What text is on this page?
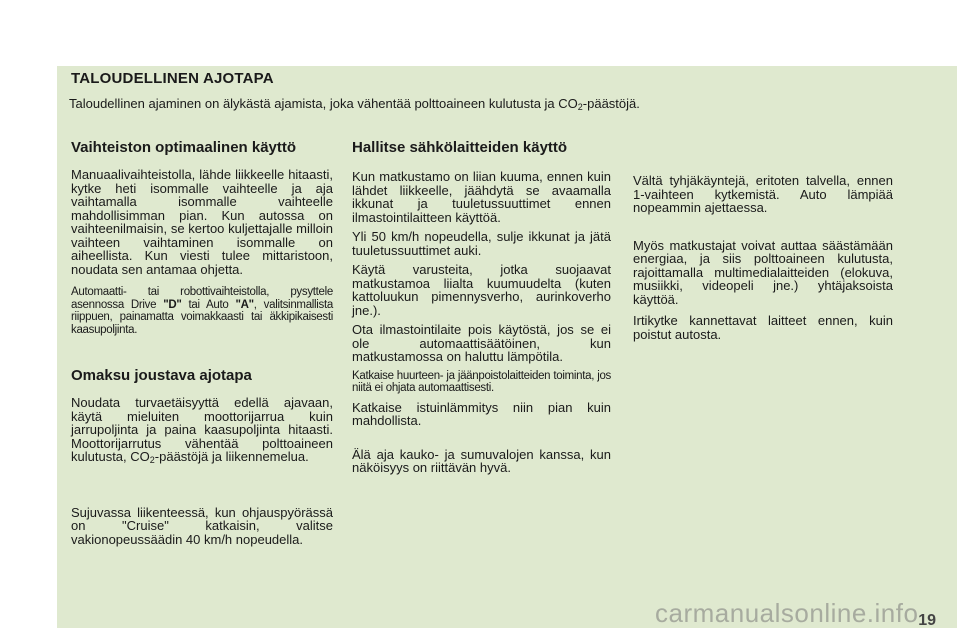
TALOUDELLINEN AJOTAPA
Taloudellinen ajaminen on älykästä ajamista, joka vähentää polttoaineen kulutusta ja CO2-päästöjä.
Vaihteiston optimaalinen käyttö

Manuaalivaihteistolla, lähde liikkeelle hitaasti, kytke heti isommalle vaihteelle ja aja vaihtamalla isommalle vaihteelle mahdollisimman pian. Kun autossa on vaihteenilmaisin, se kertoo kuljettajalle milloin vaihteen vaihtaminen isommalle on aiheellista. Kun viesti tulee mittaristoon, noudata sen antamaa ohjetta.

Automaatti- tai robottivaihteistolla, pysyttele asennossa Drive "D" tai Auto "A", valitsinmallista riippuen, painamatta voimakkaasti tai äkkipikaisesti kaasupoljinta.

Omaksu joustava ajotapa

Noudata turvaetäisyyttä edellä ajavaan, käytä mieluiten moottorijarrua kuin jarrupoljinta ja paina kaasupoljinta hitaasti. Moottorijarrutus vähentää polttoaineen kulutusta, CO2-päästöjä ja liikennemelua.

Sujuvassa liikenteessä, kun ohjauspyörässä on "Cruise" katkaisin, valitse vakionopeussäädin 40 km/h nopeudella.

Hallitse sähkölaitteiden käyttö

Kun matkustamo on liian kuuma, ennen kuin lähdet liikkeelle, jäähdytä se avaamalla ikkunat ja tuuletussuuttimet ennen ilmastointilaitteen käyttöä.

Yli 50 km/h nopeudella, sulje ikkunat ja jätä tuuletussuuttimet auki.

Käytä varusteita, jotka suojaavat matkustamoa liialta kuumuudelta (kuten kattoluukun pimennysverho, aurinkoverho jne.).

Ota ilmastointilaite pois käytöstä, jos se ei ole automaattisäätöinen, kun matkustamossa on haluttu lämpötila.

Katkaise huurteen- ja jäänpoistolaitteiden toiminta, jos niitä ei ohjata automaattisesti.

Katkaise istuinlämmitys niin pian kuin mahdollista.

Älä aja kauko- ja sumuvalojen kanssa, kun näköisyys on riittävän hyvä.

Vältä tyhjäkäyntejä, eritoten talvella, ennen 1-vaihteen kytkemistä. Auto lämpiää nopeammin ajettaessa.

Myös matkustajat voivat auttaa säästämään energiaa, ja siis polttoaineen kulutusta, rajoittamalla multimedialaitteiden (elokuva, musiikki, videopeli jne.) yhtäjaksoista käyttöä.

Irtikytke kannettavat laitteet ennen, kuin poistut autosta.

carmanualsonline.info 19
